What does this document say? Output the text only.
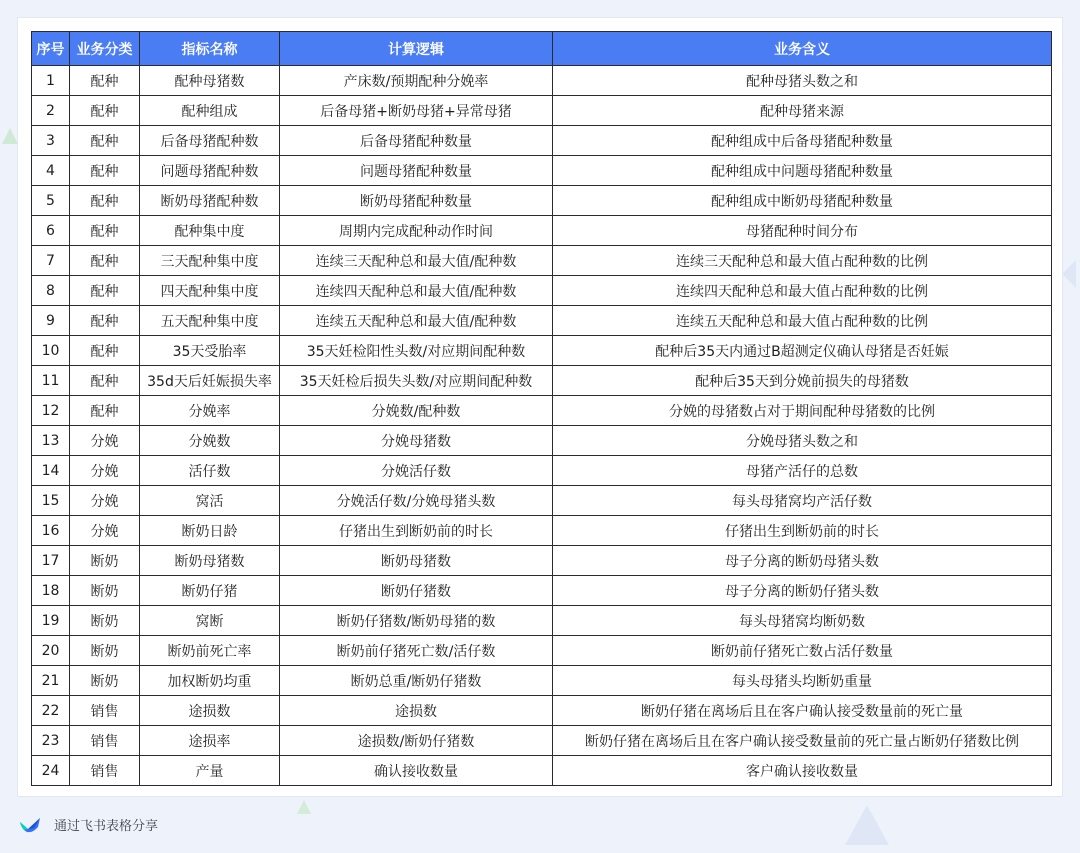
序号	业务分类	指标名称	计算逻辑	业务含义
1	配种	配种母猪数	产床数/预期配种分娩率	配种母猪头数之和
2	配种	配种组成	后备母猪+断奶母猪+异常母猪	配种母猪来源
3	配种	后备母猪配种数	后备母猪配种数量	配种组成中后备母猪配种数量
4	配种	问题母猪配种数	问题母猪配种数量	配种组成中问题母猪配种数量
5	配种	断奶母猪配种数	断奶母猪配种数量	配种组成中断奶母猪配种数量
6	配种	配种集中度	周期内完成配种动作时间	母猪配种时间分布
7	配种	三天配种集中度	连续三天配种总和最大值/配种数	连续三天配种总和最大值占配种数的比例
8	配种	四天配种集中度	连续四天配种总和最大值/配种数	连续四天配种总和最大值占配种数的比例
9	配种	五天配种集中度	连续五天配种总和最大值/配种数	连续五天配种总和最大值占配种数的比例
10	配种	35天受胎率	35天妊检阳性头数/对应期间配种数	配种后35天内通过B超测定仪确认母猪是否妊娠
11	配种	35d天后妊娠损失率	35天妊检后损失头数/对应期间配种数	配种后35天到分娩前损失的母猪数
12	配种	分娩率	分娩数/配种数	分娩的母猪数占对于期间配种母猪数的比例
13	分娩	分娩数	分娩母猪数	分娩母猪头数之和
14	分娩	活仔数	分娩活仔数	母猪产活仔的总数
15	分娩	窝活	分娩活仔数/分娩母猪头数	每头母猪窝均产活仔数
16	分娩	断奶日龄	仔猪出生到断奶前的时长	仔猪出生到断奶前的时长
17	断奶	断奶母猪数	断奶母猪数	母子分离的断奶母猪头数
18	断奶	断奶仔猪	断奶仔猪数	母子分离的断奶仔猪头数
19	断奶	窝断	断奶仔猪数/断奶母猪的数	每头母猪窝均断奶数
20	断奶	断奶前死亡率	断奶前仔猪死亡数/活仔数	断奶前仔猪死亡数占活仔数量
21	断奶	加权断奶均重	断奶总重/断奶仔猪数	每头母猪头均断奶重量
22	销售	途损数	途损数	断奶仔猪在离场后且在客户确认接受数量前的死亡量
23	销售	途损率	途损数/断奶仔猪数	断奶仔猪在离场后且在客户确认接受数量前的死亡量占断奶仔猪数比例
24	销售	产量	确认接收数量	客户确认接收数量
通过飞书表格分享
